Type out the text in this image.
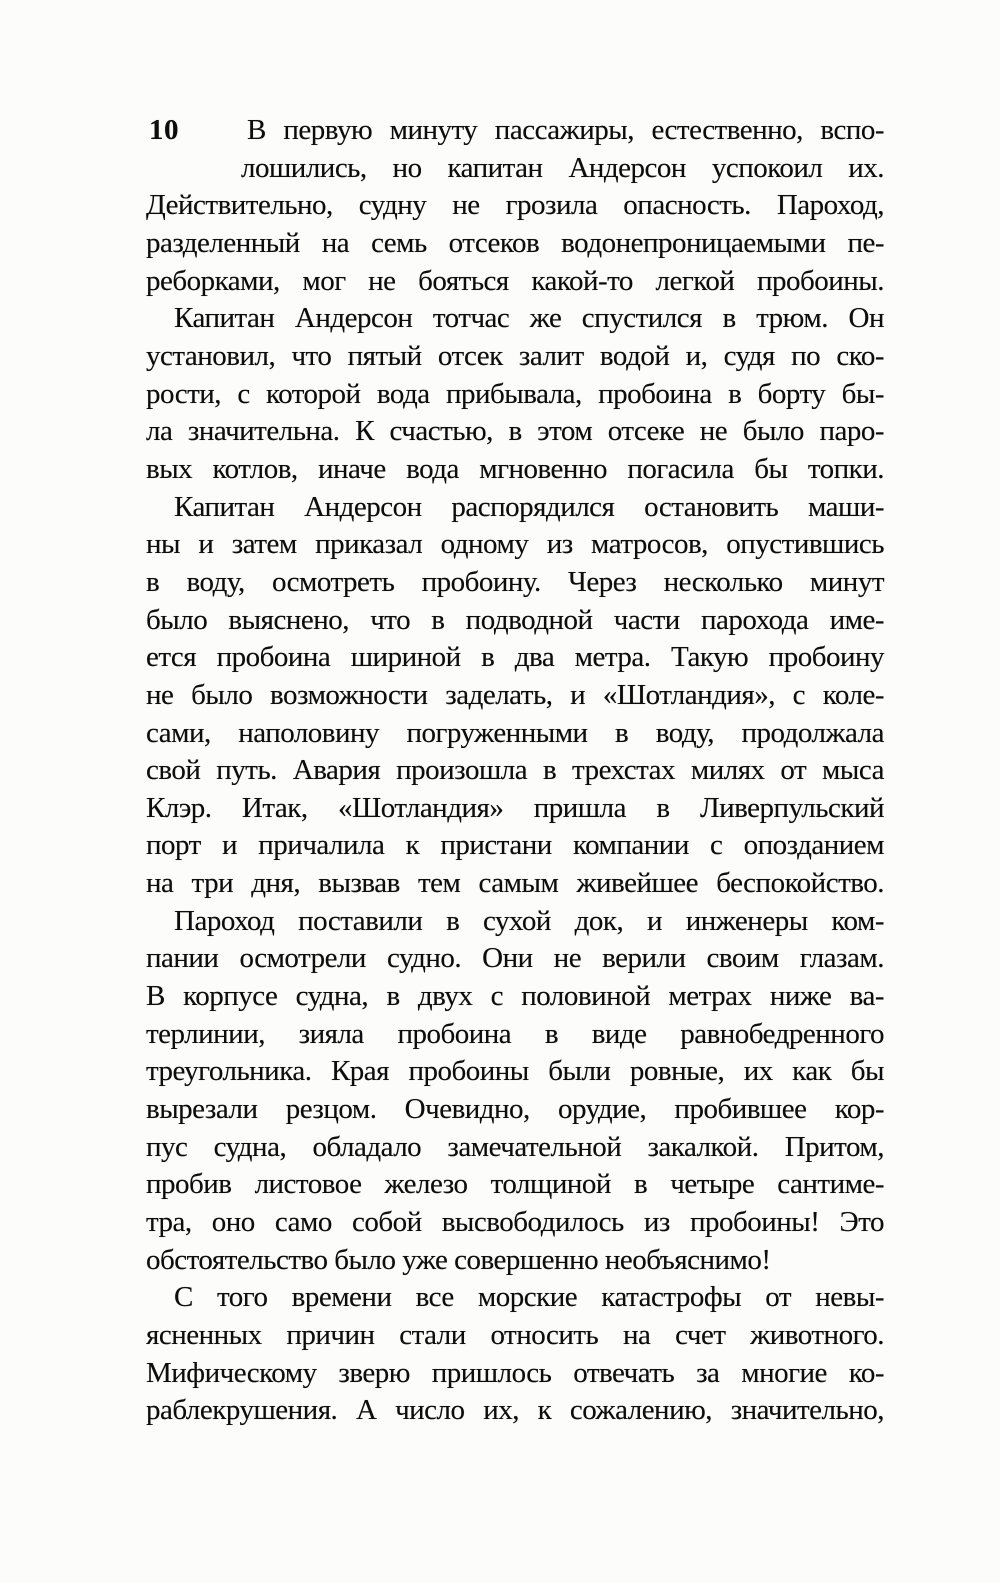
10	В первую минуту пассажиры, естественно, вспо-
лошились, но капитан Андерсон успокоил их.
Действительно, судну не грозила опасность. Пароход,
разделенный на семь отсеков водонепроницаемыми пе-
реборками, мог не бояться какой-то легкой пробоины.
Капитан Андерсон тотчас же спустился в трюм. Он
установил, что пятый отсек залит водой и, судя по ско-
рости, с которой вода прибывала, пробоина в борту бы-
ла значительна. К счастью, в этом отсеке не было паро-
вых котлов, иначе вода мгновенно погасила бы топки.
Капитан Андерсон распорядился остановить маши-
ны и затем приказал одному из матросов, опустившись
в воду, осмотреть пробоину. Через несколько минут
было выяснено, что в подводной части парохода име-
ется пробоина шириной в два метра. Такую пробоину
не было возможности заделать, и «Шотландия», с коле-
сами, наполовину погруженными в воду, продолжала
свой путь. Авария произошла в трехстах милях от мыса
Клэр. Итак, «Шотландия» пришла в Ливерпульский
порт и причалила к пристани компании с опозданием
на три дня, вызвав тем самым живейшее беспокойство.
Пароход поставили в сухой док, и инженеры ком-
пании осмотрели судно. Они не верили своим глазам.
В корпусе судна, в двух с половиной метрах ниже ва-
терлинии, зияла пробоина в виде равнобедренного
треугольника. Края пробоины были ровные, их как бы
вырезали резцом. Очевидно, орудие, пробившее кор-
пус судна, обладало замечательной закалкой. Притом,
пробив листовое железо толщиной в четыре сантиме-
тра, оно само собой высвободилось из пробоины! Это
обстоятельство было уже совершенно необъяснимо!
С того времени все морские катастрофы от невы-
ясненных причин стали относить на счет животного.
Мифическому зверю пришлось отвечать за многие ко-
раблекрушения. А число их, к сожалению, значительно,
